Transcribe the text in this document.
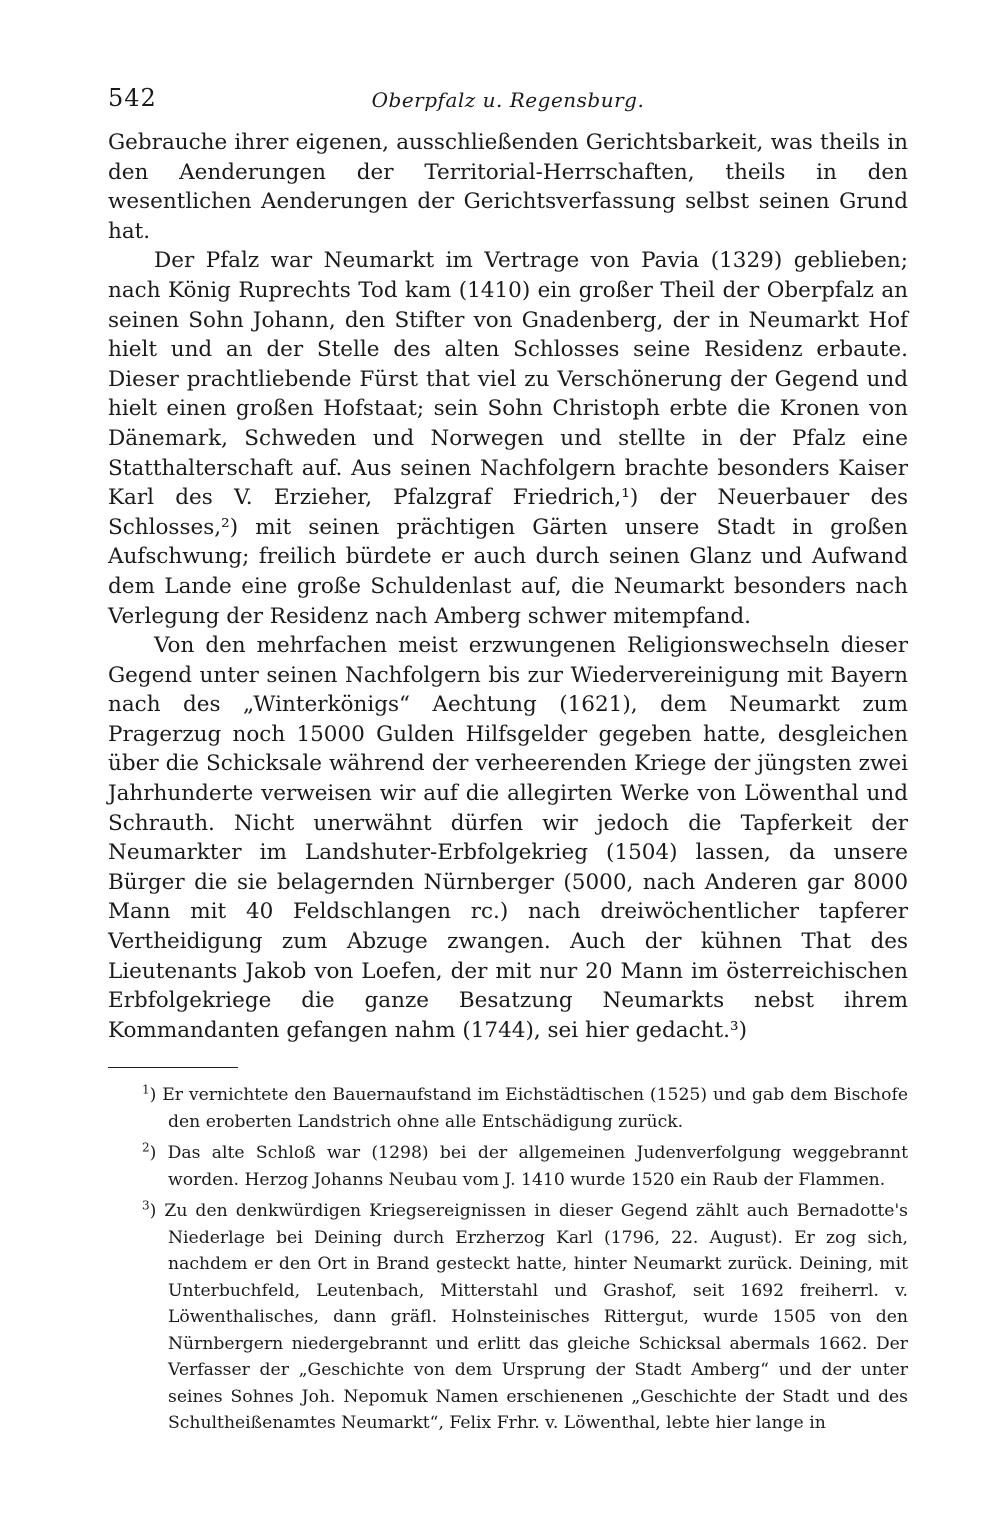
542	Oberpfalz u. Regensburg.

Gebrauche ihrer eigenen, ausschließenden Gerichtsbarkeit, was theils in den Aenderungen der Territorial-Herrschaften, theils in den wesentlichen Aenderungen der Gerichtsverfassung selbst seinen Grund hat.

Der Pfalz war Neumarkt im Vertrage von Pavia (1329) geblieben; nach König Ruprechts Tod kam (1410) ein großer Theil der Oberpfalz an seinen Sohn Johann, den Stifter von Gnadenberg, der in Neumarkt Hof hielt und an der Stelle des alten Schlosses seine Residenz erbaute. Dieser prachtliebende Fürst that viel zu Verschönerung der Gegend und hielt einen großen Hofstaat; sein Sohn Christoph erbte die Kronen von Dänemark, Schweden und Norwegen und stellte in der Pfalz eine Statthalterschaft auf. Aus seinen Nachfolgern brachte besonders Kaiser Karl des V. Erzieher, Pfalzgraf Friedrich,¹) der Neuerbauer des Schlosses,²) mit seinen prächtigen Gärten unsere Stadt in großen Aufschwung; freilich bürdete er auch durch seinen Glanz und Aufwand dem Lande eine große Schuldenlast auf, die Neumarkt besonders nach Verlegung der Residenz nach Amberg schwer mitempfand.

Von den mehrfachen meist erzwungenen Religionswechseln dieser Gegend unter seinen Nachfolgern bis zur Wiedervereinigung mit Bayern nach des „Winterkönigs“ Aechtung (1621), dem Neumarkt zum Pragerzug noch 15000 Gulden Hilfsgelder gegeben hatte, desgleichen über die Schicksale während der verheerenden Kriege der jüngsten zwei Jahrhunderte verweisen wir auf die allegirten Werke von Löwenthal und Schrauth. Nicht unerwähnt dürfen wir jedoch die Tapferkeit der Neumarkter im Landshuter-Erbfolgekrieg (1504) lassen, da unsere Bürger die sie belagernden Nürnberger (5000, nach Anderen gar 8000 Mann mit 40 Feldschlangen rc.) nach dreiwöchentlicher tapferer Vertheidigung zum Abzuge zwangen. Auch der kühnen That des Lieutenants Jakob von Loefen, der mit nur 20 Mann im österreichischen Erbfolgekriege die ganze Besatzung Neumarkts nebst ihrem Kommandanten gefangen nahm (1744), sei hier gedacht.³)

$^1$) Er vernichtete den Bauernaufstand im Eichstädtischen (1525) und gab dem Bischofe den eroberten Landstrich ohne alle Entschädigung zurück.

$^2$) Das alte Schloß war (1298) bei der allgemeinen Judenverfolgung weggebrannt worden. Herzog Johanns Neubau vom J. 1410 wurde 1520 ein Raub der Flammen.

$^3$) Zu den denkwürdigen Kriegsereignissen in dieser Gegend zählt auch Bernadotte's Niederlage bei Deining durch Erzherzog Karl (1796, 22. August). Er zog sich, nachdem er den Ort in Brand gesteckt hatte, hinter Neumarkt zurück. Deining, mit Unterbuchfeld, Leutenbach, Mitterstahl und Grashof, seit 1692 freiherrl. v. Löwenthalisches, dann gräfl. Holnsteinisches Rittergut, wurde 1505 von den Nürnbergern niedergebrannt und erlitt das gleiche Schicksal abermals 1662. Der Verfasser der „Geschichte von dem Ursprung der Stadt Amberg“ und der unter seines Sohnes Joh. Nepomuk Namen erschienenen „Geschichte der Stadt und des Schultheißenamtes Neumarkt“, Felix Frhr. v. Löwenthal, lebte hier lange in
